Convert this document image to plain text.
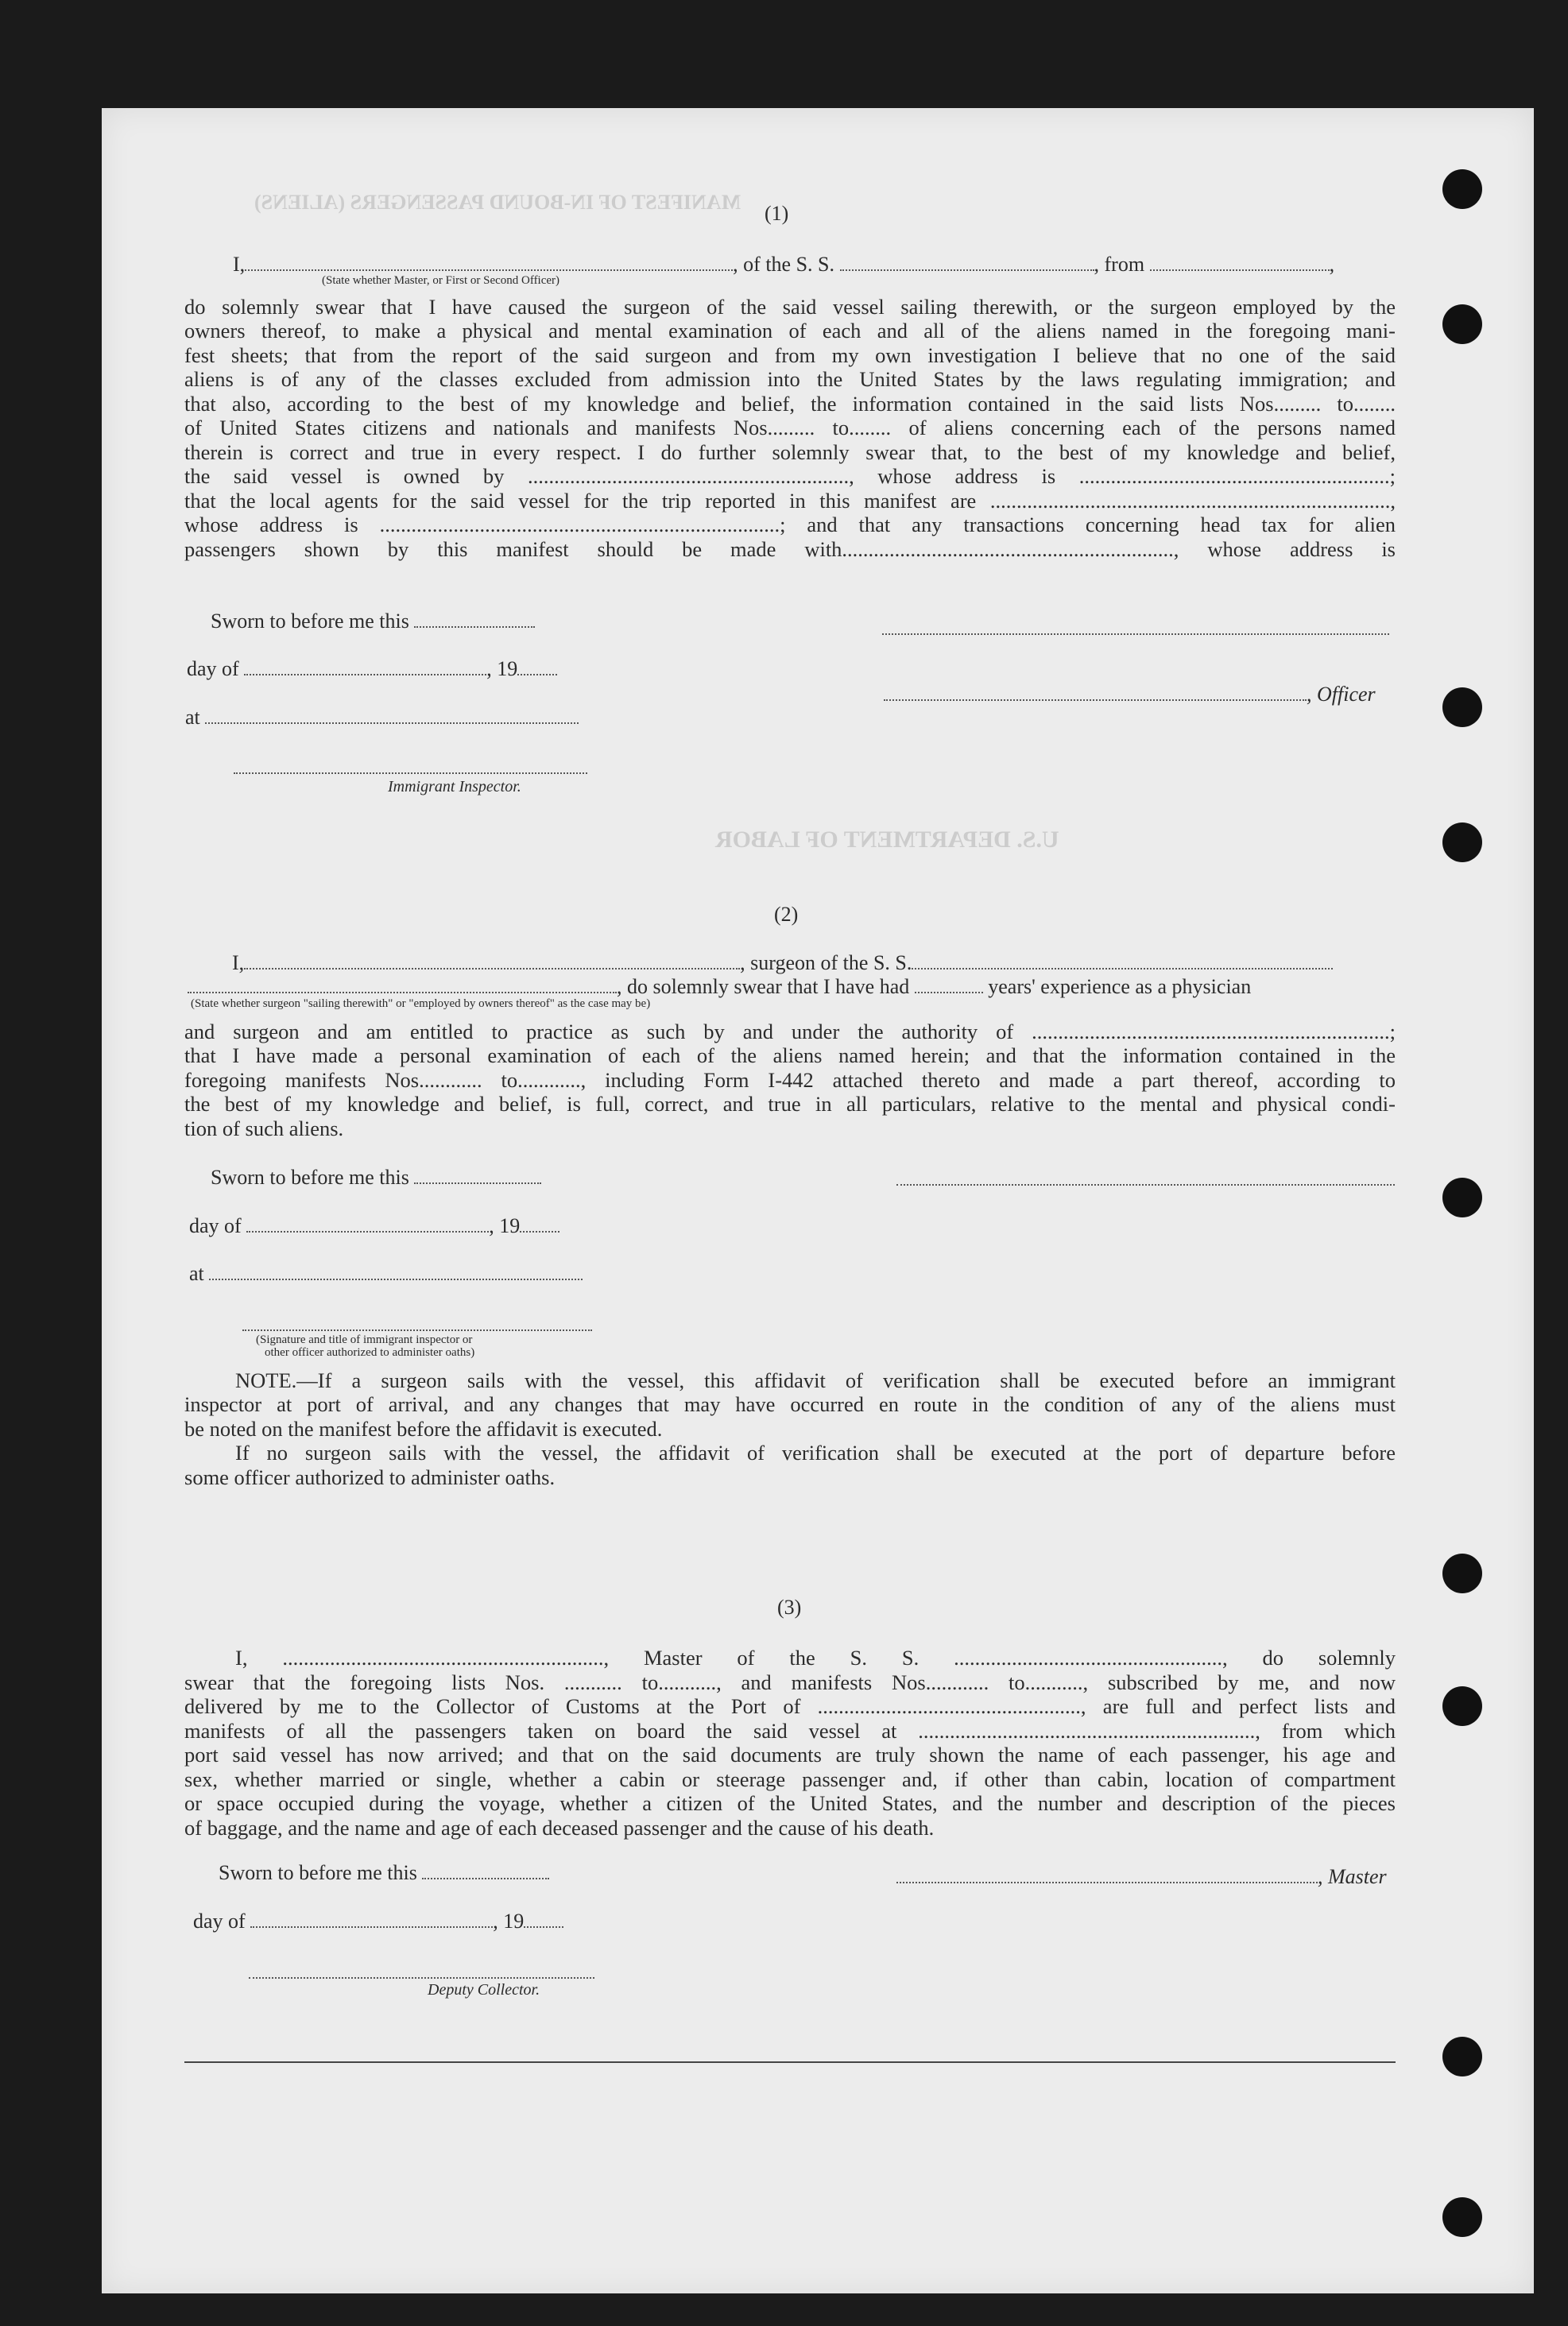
MANIFEST OF IN-BOUND PASSENGERS (ALIENS)
U.S. DEPARTMENT OF LABOR
(1)
I,	, of the S. S.	, from	,
(State whether Master, or First or Second Officer)
do solemnly swear that I have caused the surgeon of the said vessel sailing therewith, or the surgeon employed by the
owners thereof, to make a physical and mental examination of each and all of the aliens named in the foregoing mani-
fest sheets; that from the report of the said surgeon and from my own investigation I believe that no one of the said
aliens is of any of the classes excluded from admission into the United States by the laws regulating immigration; and
that also, according to the best of my knowledge and belief, the information contained in the said lists Nos......... to........
of United States citizens and nationals and manifests Nos......... to........ of aliens concerning each of the persons named
therein is correct and true in every respect. I do further solemnly swear that, to the best of my knowledge and belief,
the said vessel is owned by ............................................................., whose address is ...........................................................;
that the local agents for the said vessel for the trip reported in this manifest are ............................................................................,
whose address is ............................................................................; and that any transactions concerning head tax for alien
passengers shown by this manifest should be made with..............................................................., whose address is
Sworn to before me this
day of	, 19
at
Immigrant Inspector.
, Officer
(2)
I,	, surgeon of the S. S.
, do solemnly swear that I have had	years' experience as a physician
(State whether surgeon "sailing therewith" or "employed by owners thereof" as the case may be)
and surgeon and am entitled to practice as such by and under the authority of ....................................................................;
that I have made a personal examination of each of the aliens named herein; and that the information contained in the
foregoing manifests Nos............ to............, including Form I-442 attached thereto and made a part thereof, according to
the best of my knowledge and belief, is full, correct, and true in all particulars, relative to the mental and physical condi-
tion of such aliens.
Sworn to before me this
day of	, 19
at
(Signature and title of immigrant inspector or
other officer authorized to administer oaths)
NOTE.—If a surgeon sails with the vessel, this affidavit of verification shall be executed before an immigrant
inspector at port of arrival, and any changes that may have occurred en route in the condition of any of the aliens must
be noted on the manifest before the affidavit is executed.
If no surgeon sails with the vessel, the affidavit of verification shall be executed at the port of departure before
some officer authorized to administer oaths.
(3)
I, ............................................................., Master of the S. S. ..................................................., do solemnly
swear that the foregoing lists Nos. ........... to..........., and manifests Nos............ to..........., subscribed by me, and now
delivered by me to the Collector of Customs at the Port of .................................................., are full and perfect lists and
manifests of all the passengers taken on board the said vessel at ................................................................, from which
port said vessel has now arrived; and that on the said documents are truly shown the name of each passenger, his age and
sex, whether married or single, whether a cabin or steerage passenger and, if other than cabin, location of compartment
or space occupied during the voyage, whether a citizen of the United States, and the number and description of the pieces
of baggage, and the name and age of each deceased passenger and the cause of his death.
Sworn to before me this	, Master
day of	, 19
Deputy Collector.
